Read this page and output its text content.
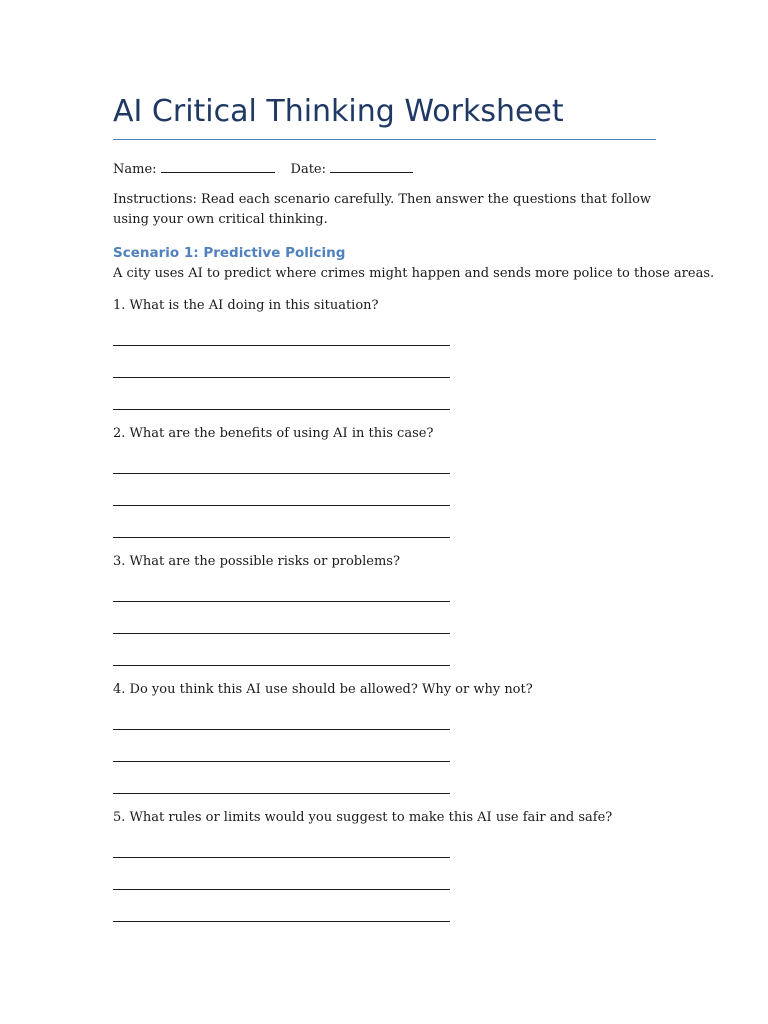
AI Critical Thinking Worksheet
Name:	Date:

Instructions: Read each scenario carefully. Then answer the questions that follow using your own critical thinking.

Scenario 1: Predictive Policing

A city uses AI to predict where crimes might happen and sends more police to those areas.

1. What is the AI doing in this situation?

2. What are the benefits of using AI in this case?

3. What are the possible risks or problems?

4. Do you think this AI use should be allowed? Why or why not?

5. What rules or limits would you suggest to make this AI use fair and safe?
